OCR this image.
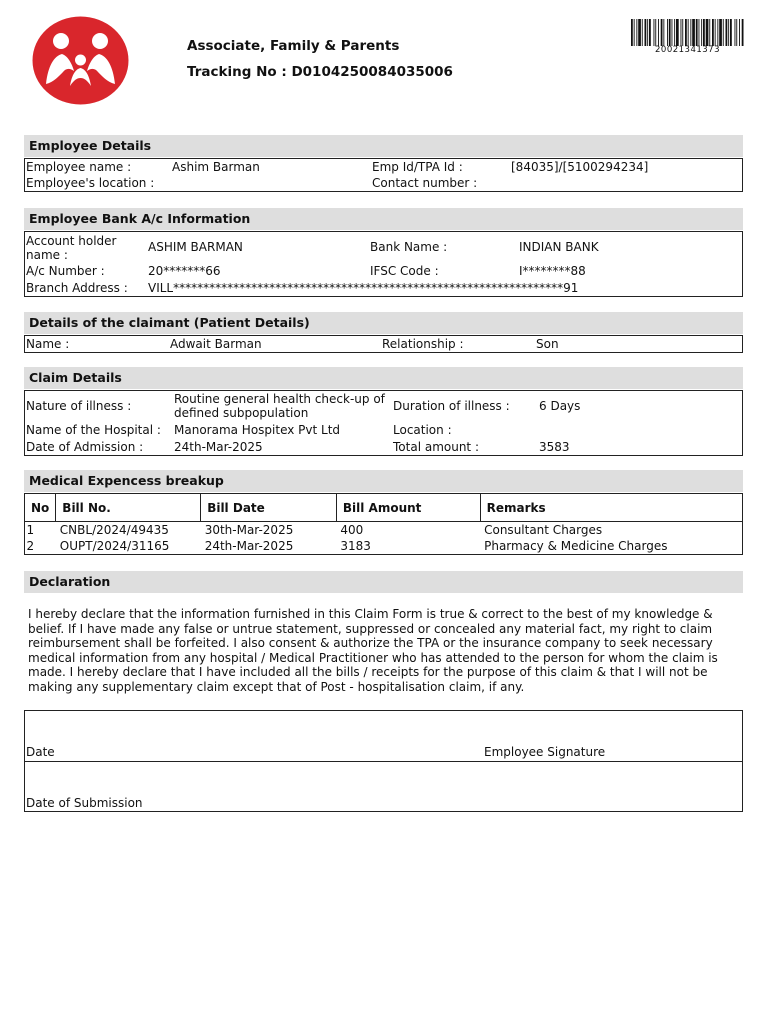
Associate, Family & Parents
Tracking No : D0104250084035006
20021341373
Employee Details
Employee name :	Ashim Barman	Emp Id/TPA Id :	[84035]/[5100294234]
Employee's location :	Contact number :
Employee Bank A/c Information
Account holder name :
ASHIM BARMAN	Bank Name :	INDIAN BANK
A/c Number :	20*******66	IFSC Code :	I********88
Branch Address : VILL*****************************************************************91
Details of the claimant (Patient Details)
Name :	Adwait Barman	Relationship :	Son
Claim Details
Nature of illness :	Routine general health check-up of defined subpopulation	Duration of illness : 6 Days
Name of the Hospital : Manorama Hospitex Pvt Ltd	Location :
Date of Admission :	24th-Mar-2025	Total amount :	3583
Medical Expencess breakup
No	Bill No.	Bill Date	Bill Amount	Remarks
1	CNBL/2024/49435	30th-Mar-2025	400	Consultant Charges
2	OUPT/2024/31165	24th-Mar-2025	3183	Pharmacy & Medicine Charges
Declaration
I hereby declare that the information furnished in this Claim Form is true & correct to the best of my knowledge & belief. If I have made any false or untrue statement, suppressed or concealed any material fact, my right to claim reimbursement shall be forfeited. I also consent & authorize the TPA or the insurance company to seek necessary medical information from any hospital / Medical Practitioner who has attended to the person for whom the claim is made. I hereby declare that I have included all the bills / receipts for the purpose of this claim & that I will not be making any supplementary claim except that of Post - hospitalisation claim, if any.
Date	Employee Signature
Date of Submission
